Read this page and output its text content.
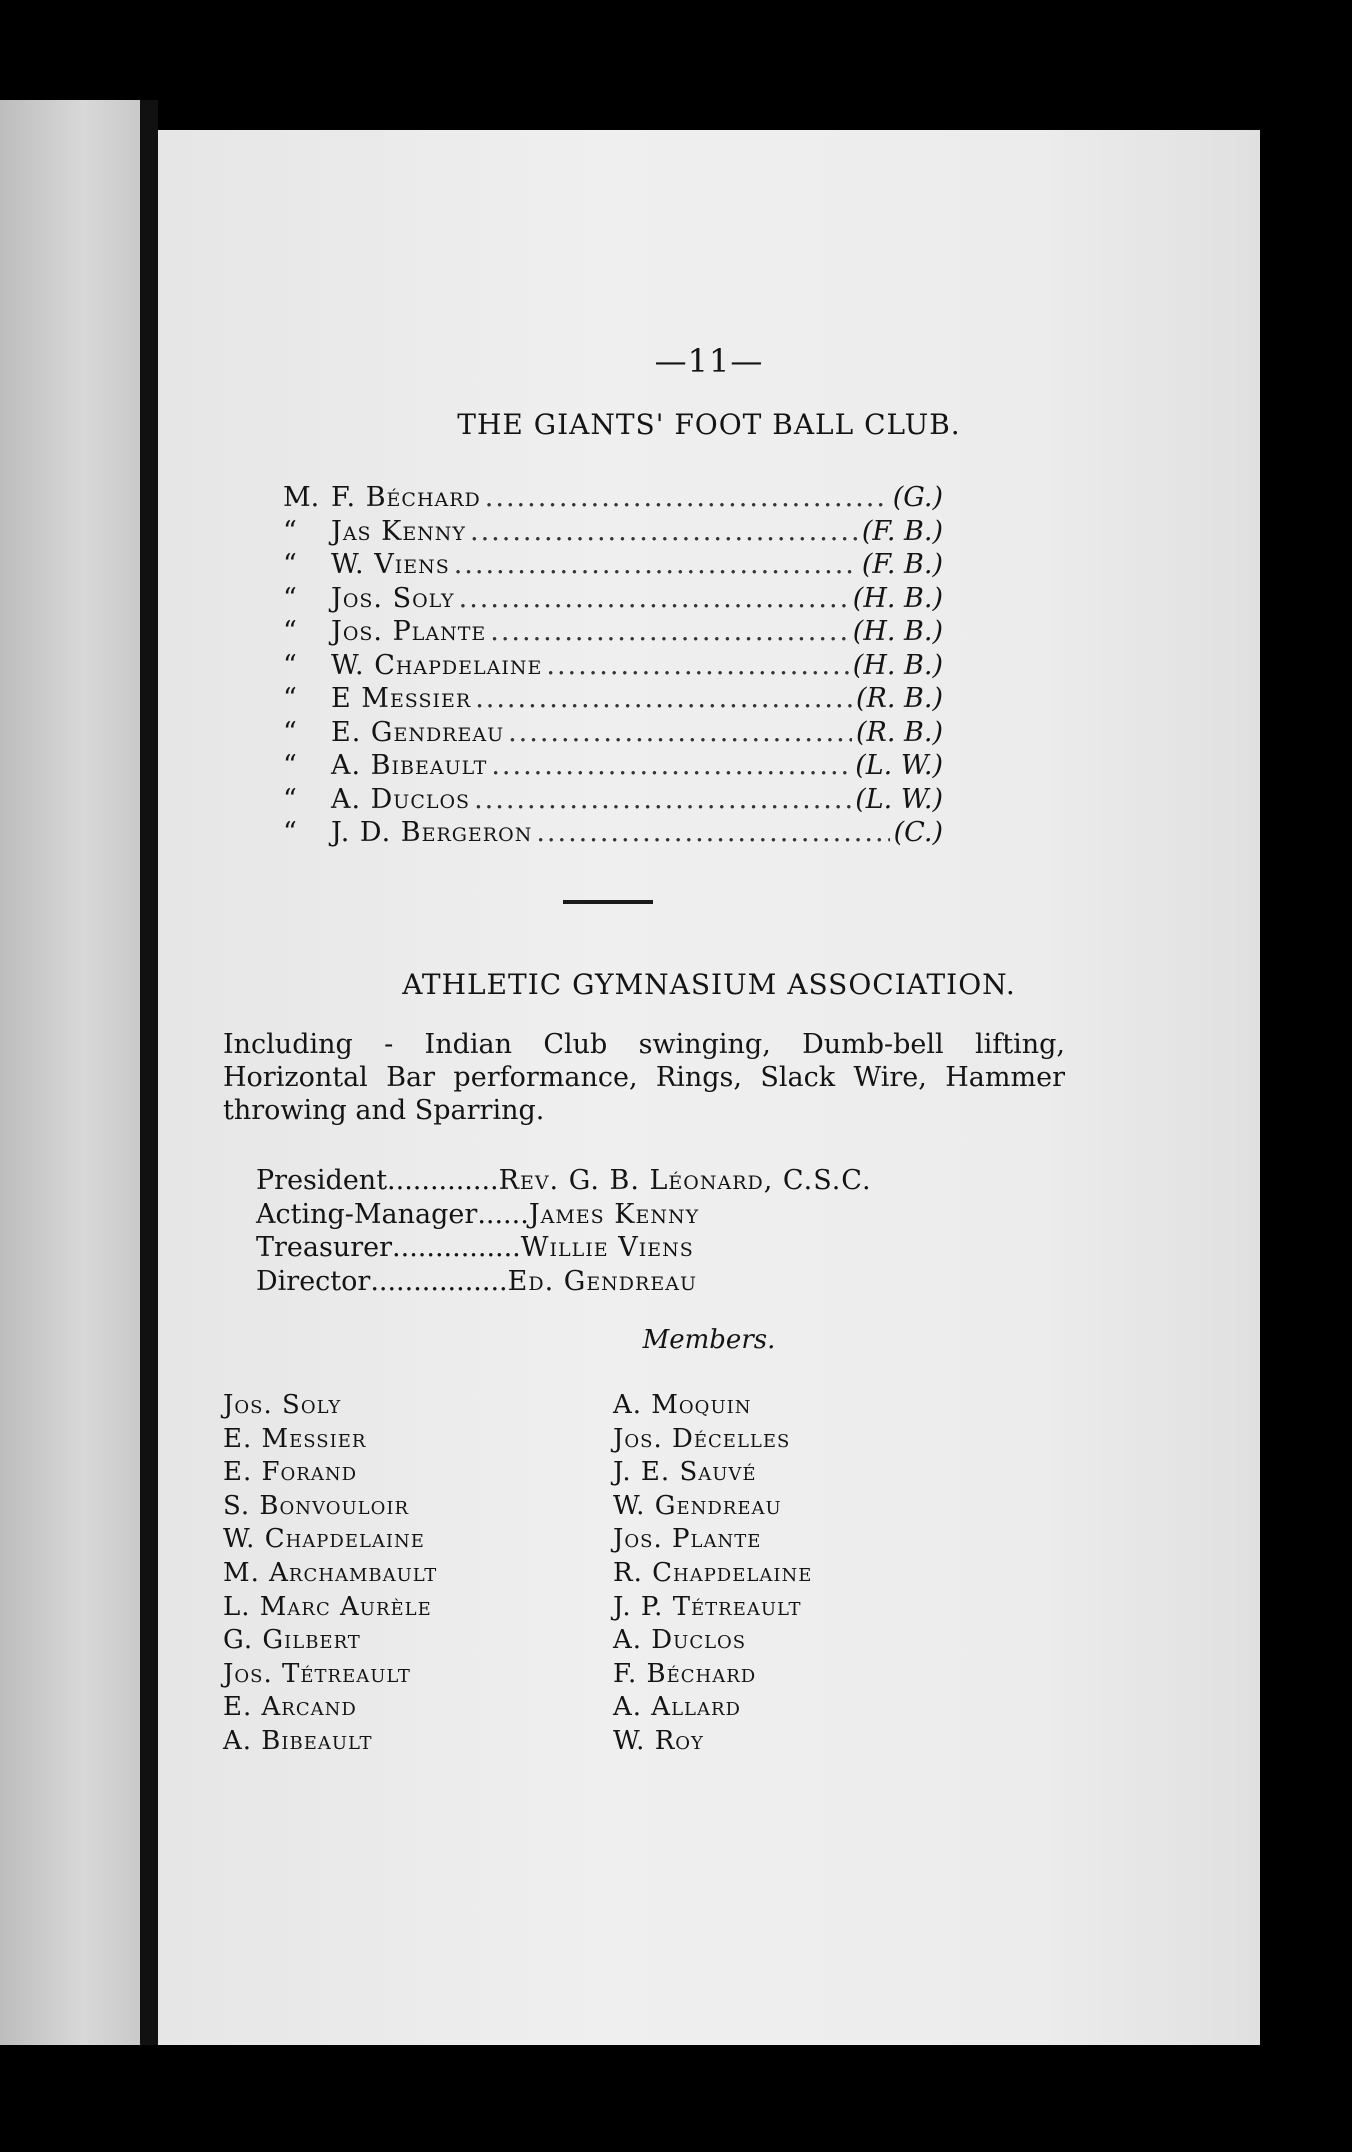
—11—
THE GIANTS' FOOT BALL CLUB.
M. F. Béchard .....	(G.)
“	Jas Kenny .....	(F. B.)
“	W. Viens .....	(F. B.)
“	Jos. Soly .....	(H. B.)
“	Jos. Plante .....	(H. B.)
“	W. Chapdelaine .....	(H. B.)
“	E Messier .....	(R. B.)
“	E. Gendreau .....	(R. B.)
“	A. Bibeault .....	(L. W.)
“	A. Duclos .....	(L. W.)
“	J. D. Bergeron .....	(C.)
ATHLETIC GYMNASIUM ASSOCIATION.
Including - Indian Club swinging, Dumb-bell lifting, Horizontal Bar performance, Rings, Slack Wire, Hammer throwing and Sparring.
President ............. Rev. G. B. Léonard, C.S.C.
Acting-Manager ...... James Kenny
Treasurer ............... Willie Viens
Director ................ Ed. Gendreau
Members.
Jos. Soly
E. Messier
E. Forand
S. Bonvouloir
W. Chapdelaine
M. Archambault
L. Marc Aurèle
G. Gilbert
Jos. Tétreault
E. Arcand
A. Bibeault
A. Moquin
Jos. Décelles
J. E. Sauvé
W. Gendreau
Jos. Plante
R. Chapdelaine
J. P. Tétreault
A. Duclos
F. Béchard
A. Allard
W. Roy
